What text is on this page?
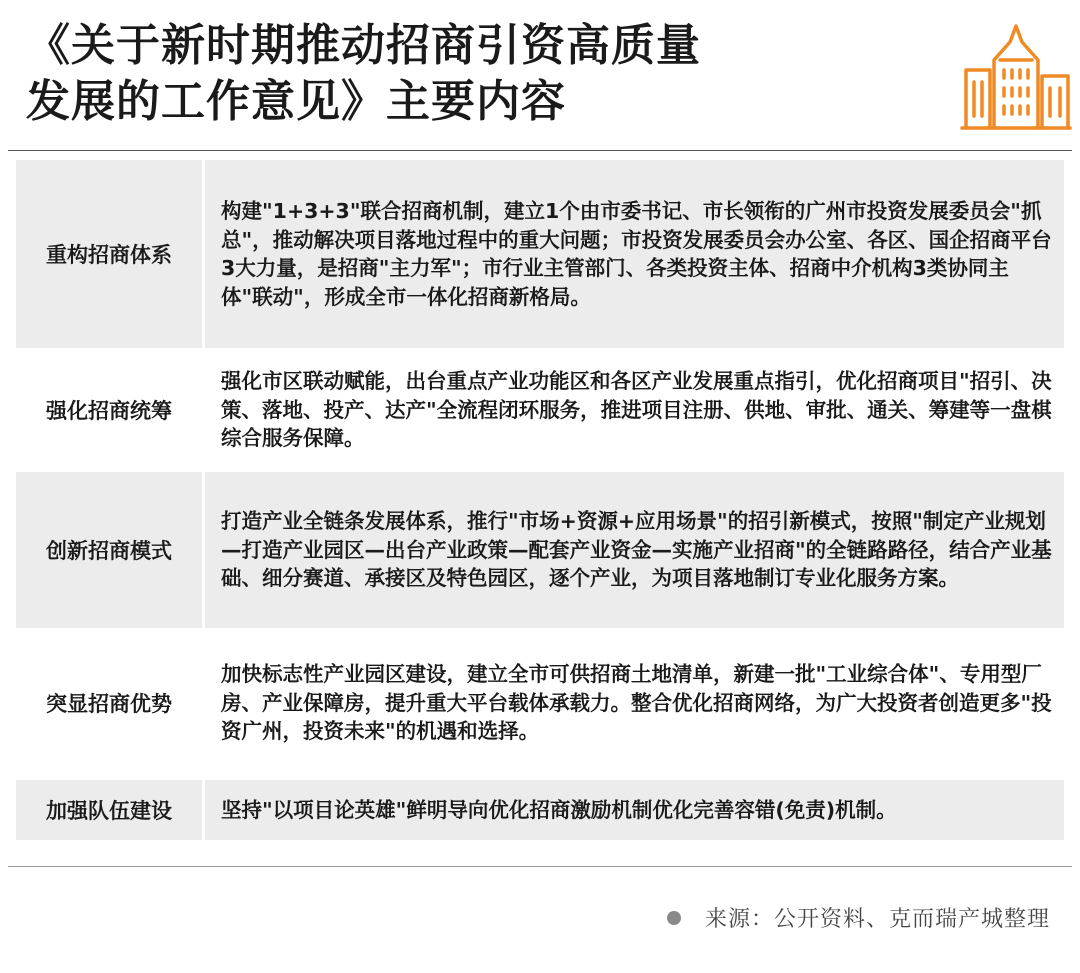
《关于新时期推动招商引资高质量
发展的工作意见》主要内容
重构招商体系
构建"1+3+3"联合招商机制，建立1个由市委书记、市长领衔的广州市投资发展委员会"抓总"，推动解决项目落地过程中的重大问题；市投资发展委员会办公室、各区、国企招商平台3大力量，是招商"主力军"；市行业主管部门、各类投资主体、招商中介机构3类协同主体"联动"，形成全市一体化招商新格局。
强化招商统筹
强化市区联动赋能，出台重点产业功能区和各区产业发展重点指引，优化招商项目"招引、决策、落地、投产、达产"全流程闭环服务，推进项目注册、供地、审批、通关、筹建等一盘棋综合服务保障。
创新招商模式
打造产业全链条发展体系，推行"市场+资源+应用场景"的招引新模式，按照"制定产业规划—打造产业园区—出台产业政策—配套产业资金—实施产业招商"的全链路路径，结合产业基础、细分赛道、承接区及特色园区，逐个产业，为项目落地制订专业化服务方案。
突显招商优势
加快标志性产业园区建设，建立全市可供招商土地清单，新建一批"工业综合体"、专用型厂房、产业保障房，提升重大平台载体承载力。整合优化招商网络，为广大投资者创造更多"投资广州，投资未来"的机遇和选择。
加强队伍建设	坚持"以项目论英雄"鲜明导向优化招商激励机制优化完善容错(免责)机制。
来源：公开资料、克而瑞产城整理
